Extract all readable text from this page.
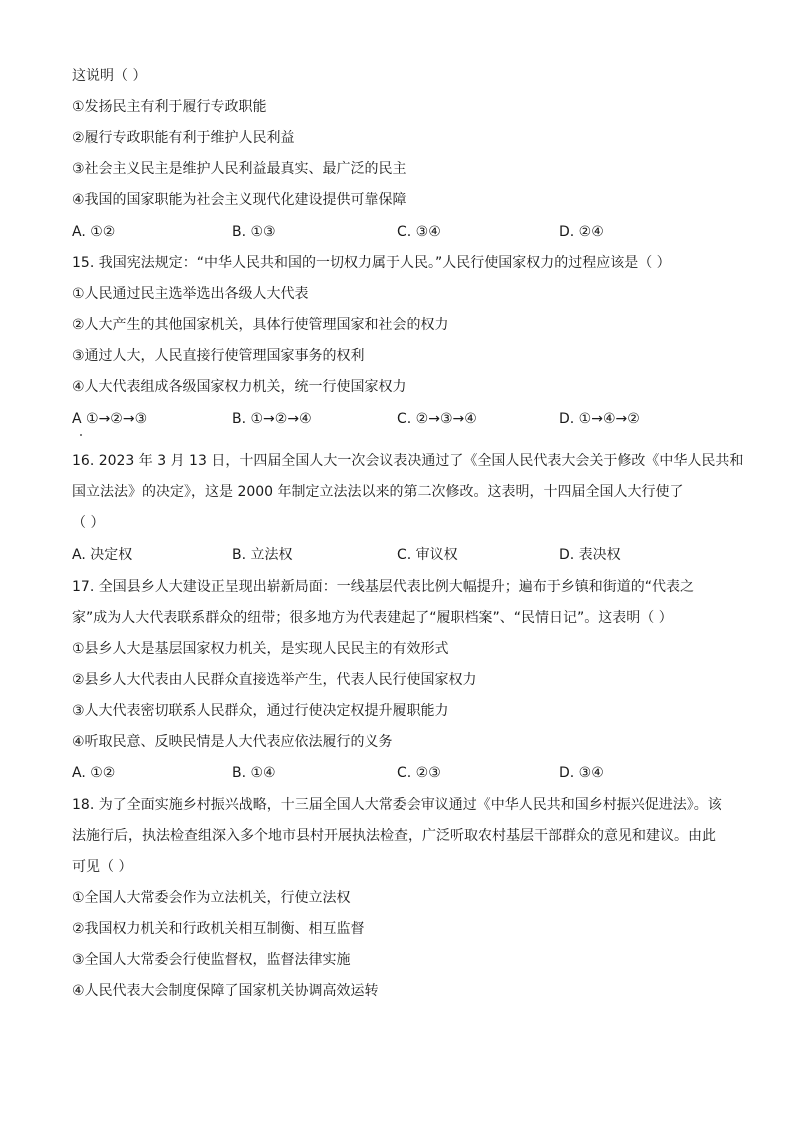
这说明（ ）
①发扬民主有利于履行专政职能
②履行专政职能有利于维护人民利益
③社会主义民主是维护人民利益最真实、最广泛的民主
④我国的国家职能为社会主义现代化建设提供可靠保障
A. ①②	B. ①③	C. ③④	D. ②④
15. 我国宪法规定：“中华人民共和国的一切权力属于人民。”人民行使国家权力的过程应该是（ ）
①人民通过民主选举选出各级人大代表
②人大产生的其他国家机关，具体行使管理国家和社会的权力
③通过人大，人民直接行使管理国家事务的权利
④人大代表组成各级国家权力机关，统一行使国家权力
A ①→②→③	B. ①→②→④	C. ②→③→④	D. ①→④→②
16. 2023 年 3 月 13 日，十四届全国人大一次会议表决通过了《全国人民代表大会关于修改《中华人民共和
国立法法》的决定》，这是 2000 年制定立法法以来的第二次修改。这表明，十四届全国人大行使了
（ ）
A. 决定权	B. 立法权	C. 审议权	D. 表决权
17. 全国县乡人大建设正呈现出崭新局面：一线基层代表比例大幅提升；遍布于乡镇和街道的“代表之
家”成为人大代表联系群众的纽带；很多地方为代表建起了“履职档案”、“民情日记”。这表明（ ）
①县乡人大是基层国家权力机关，是实现人民民主的有效形式
②县乡人大代表由人民群众直接选举产生，代表人民行使国家权力
③人大代表密切联系人民群众，通过行使决定权提升履职能力
④听取民意、反映民情是人大代表应依法履行的义务
A. ①②	B. ①④	C. ②③	D. ③④
18. 为了全面实施乡村振兴战略，十三届全国人大常委会审议通过《中华人民共和国乡村振兴促进法》。该
法施行后，执法检查组深入多个地市县村开展执法检查，广泛听取农村基层干部群众的意见和建议。由此
可见（ ）
①全国人大常委会作为立法机关，行使立法权
②我国权力机关和行政机关相互制衡、相互监督
③全国人大常委会行使监督权，监督法律实施
④人民代表大会制度保障了国家机关协调高效运转
